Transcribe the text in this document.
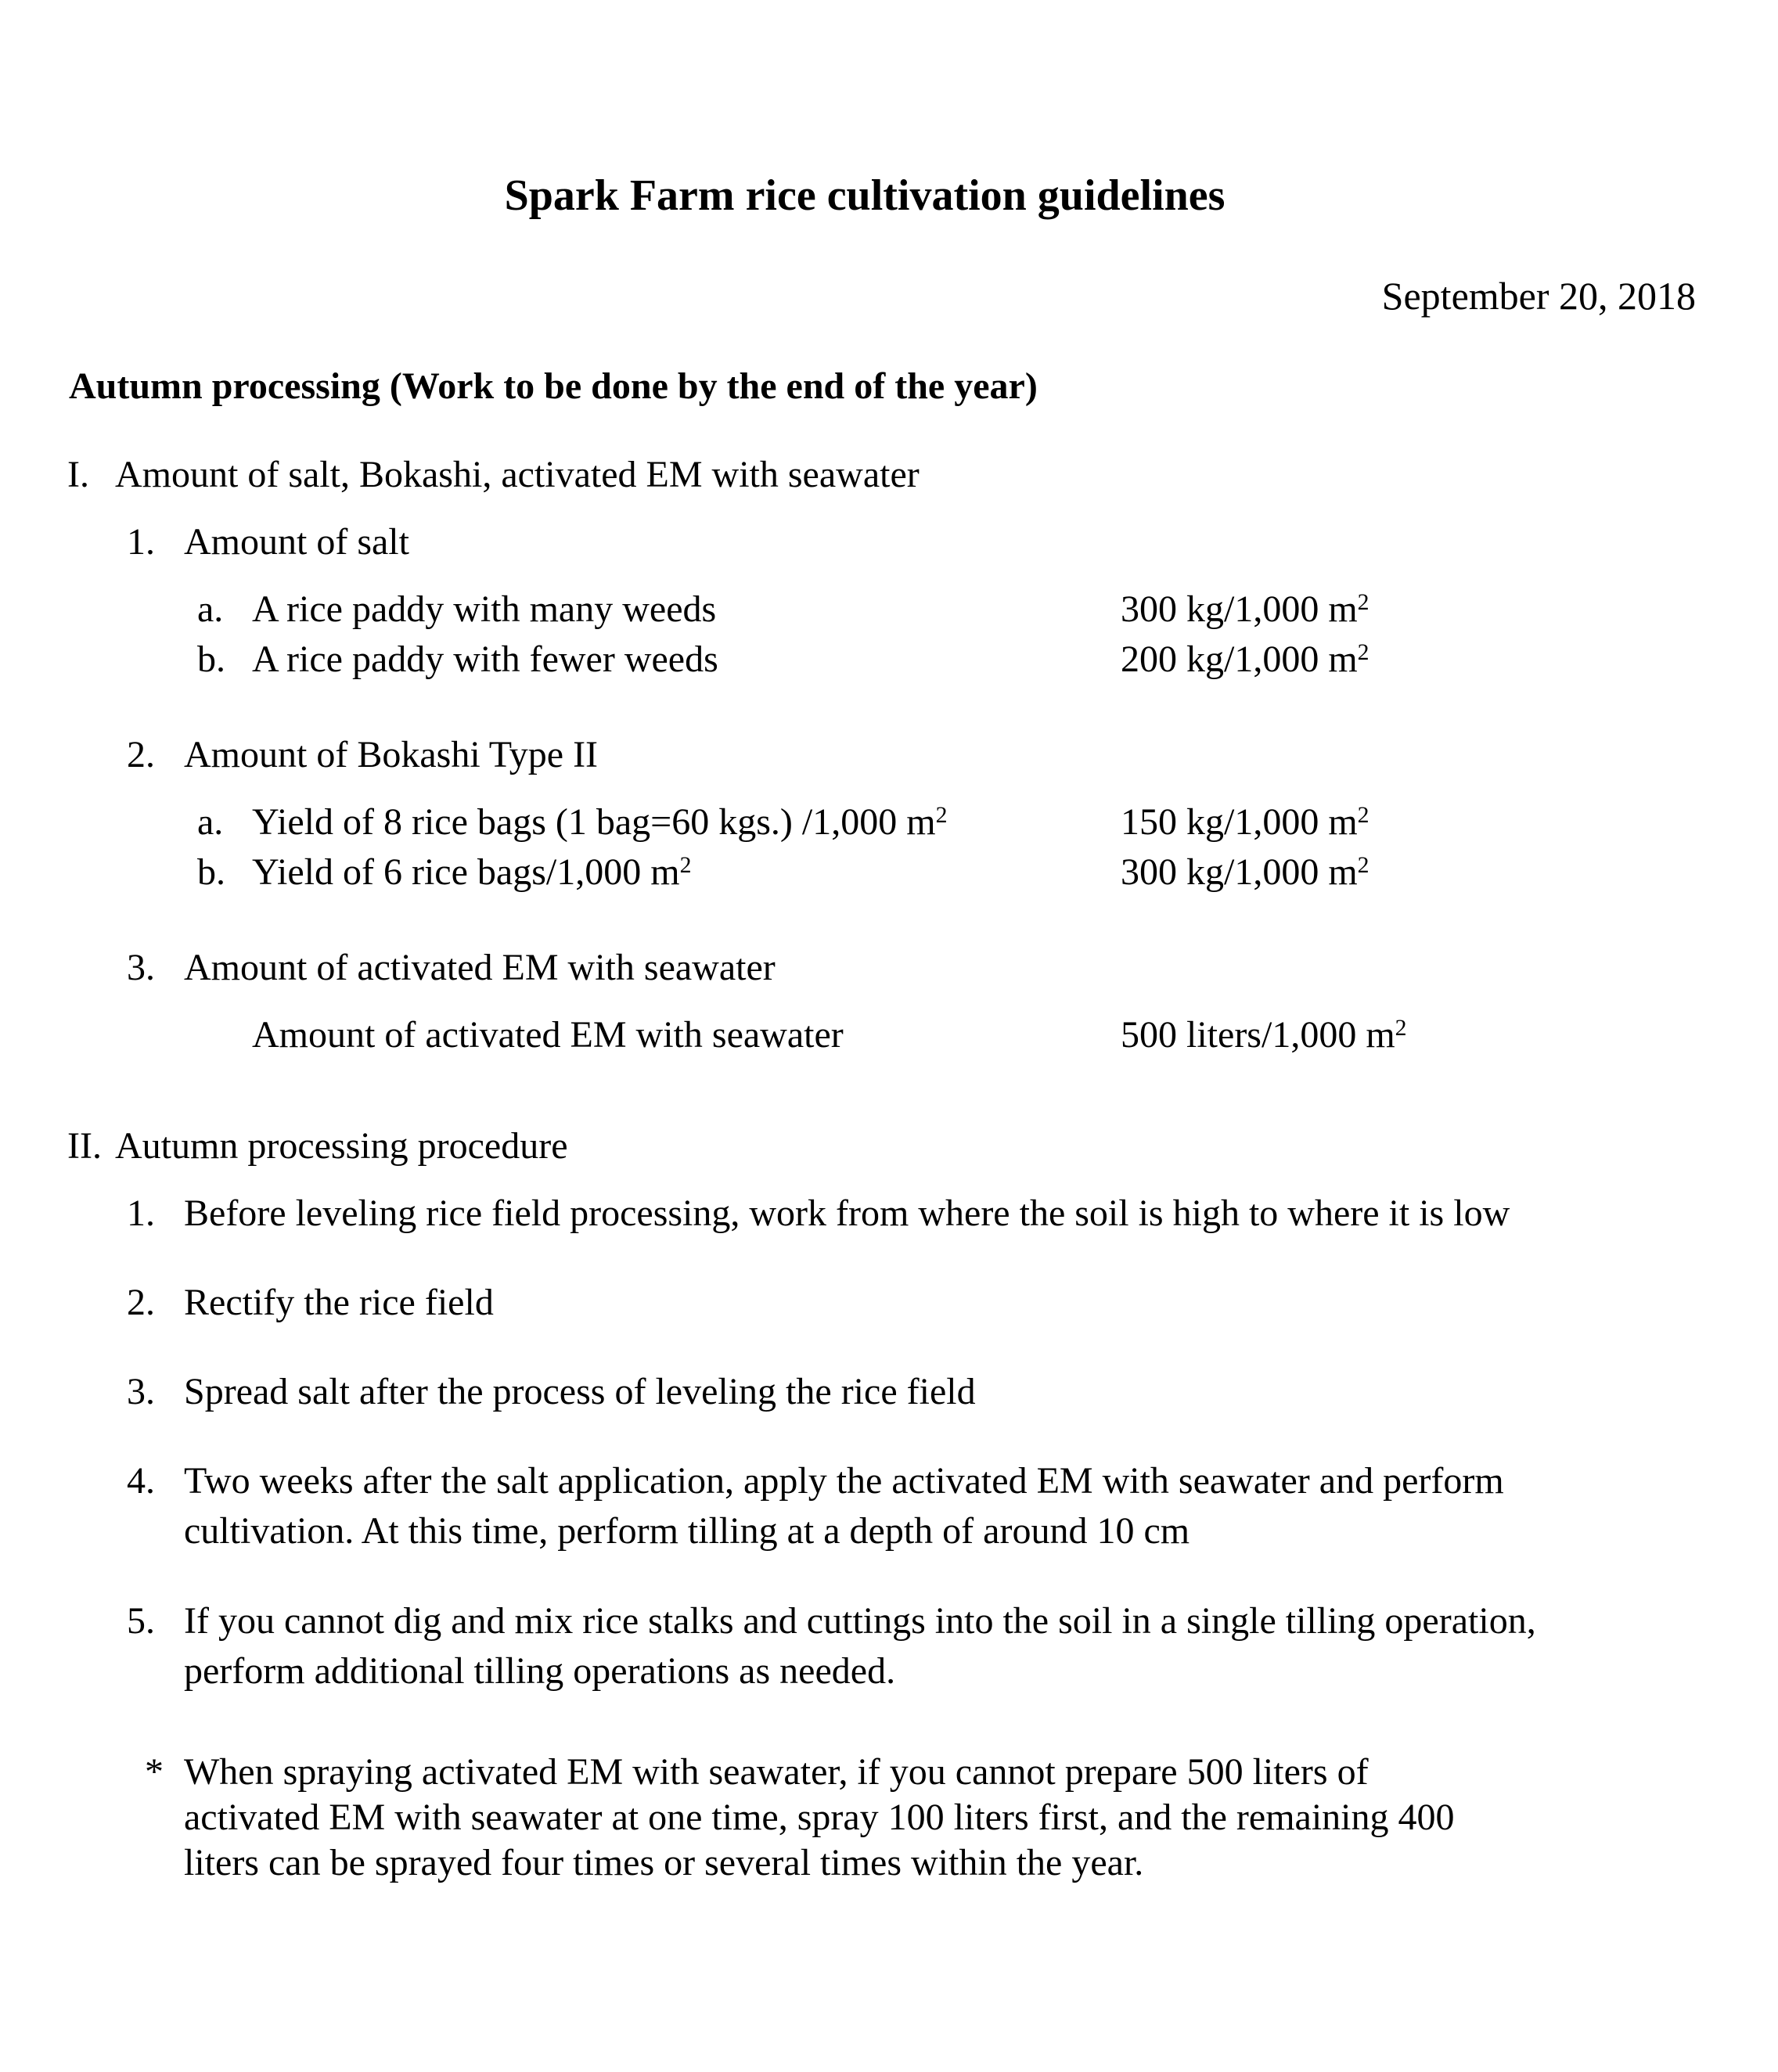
Spark Farm rice cultivation guidelines
September 20, 2018
Autumn processing (Work to be done by the end of the year)
I. Amount of salt, Bokashi, activated EM with seawater
1. Amount of salt
a. A rice paddy with many weeds	300 kg/1,000 $m^2$
b. A rice paddy with fewer weeds	200 kg/1,000 $m^2$
2. Amount of Bokashi Type II
a. Yield of 8 rice bags (1 bag=60 kgs.) /1,000 $m^2$	150 kg/1,000 $m^2$
b. Yield of 6 rice bags/1,000 $m^2$	300 kg/1,000 $m^2$
3. Amount of activated EM with seawater
Amount of activated EM with seawater	500 liters/1,000 $m^2$
II. Autumn processing procedure
1. Before leveling rice field processing, work from where the soil is high to where it is low
2. Rectify the rice field
3. Spread salt after the process of leveling the rice field
4. Two weeks after the salt application, apply the activated EM with seawater and perform cultivation. At this time, perform tilling at a depth of around 10 cm
5. If you cannot dig and mix rice stalks and cuttings into the soil in a single tilling operation, perform additional tilling operations as needed.
* When spraying activated EM with seawater, if you cannot prepare 500 liters of activated EM with seawater at one time, spray 100 liters first, and the remaining 400 liters can be sprayed four times or several times within the year.
